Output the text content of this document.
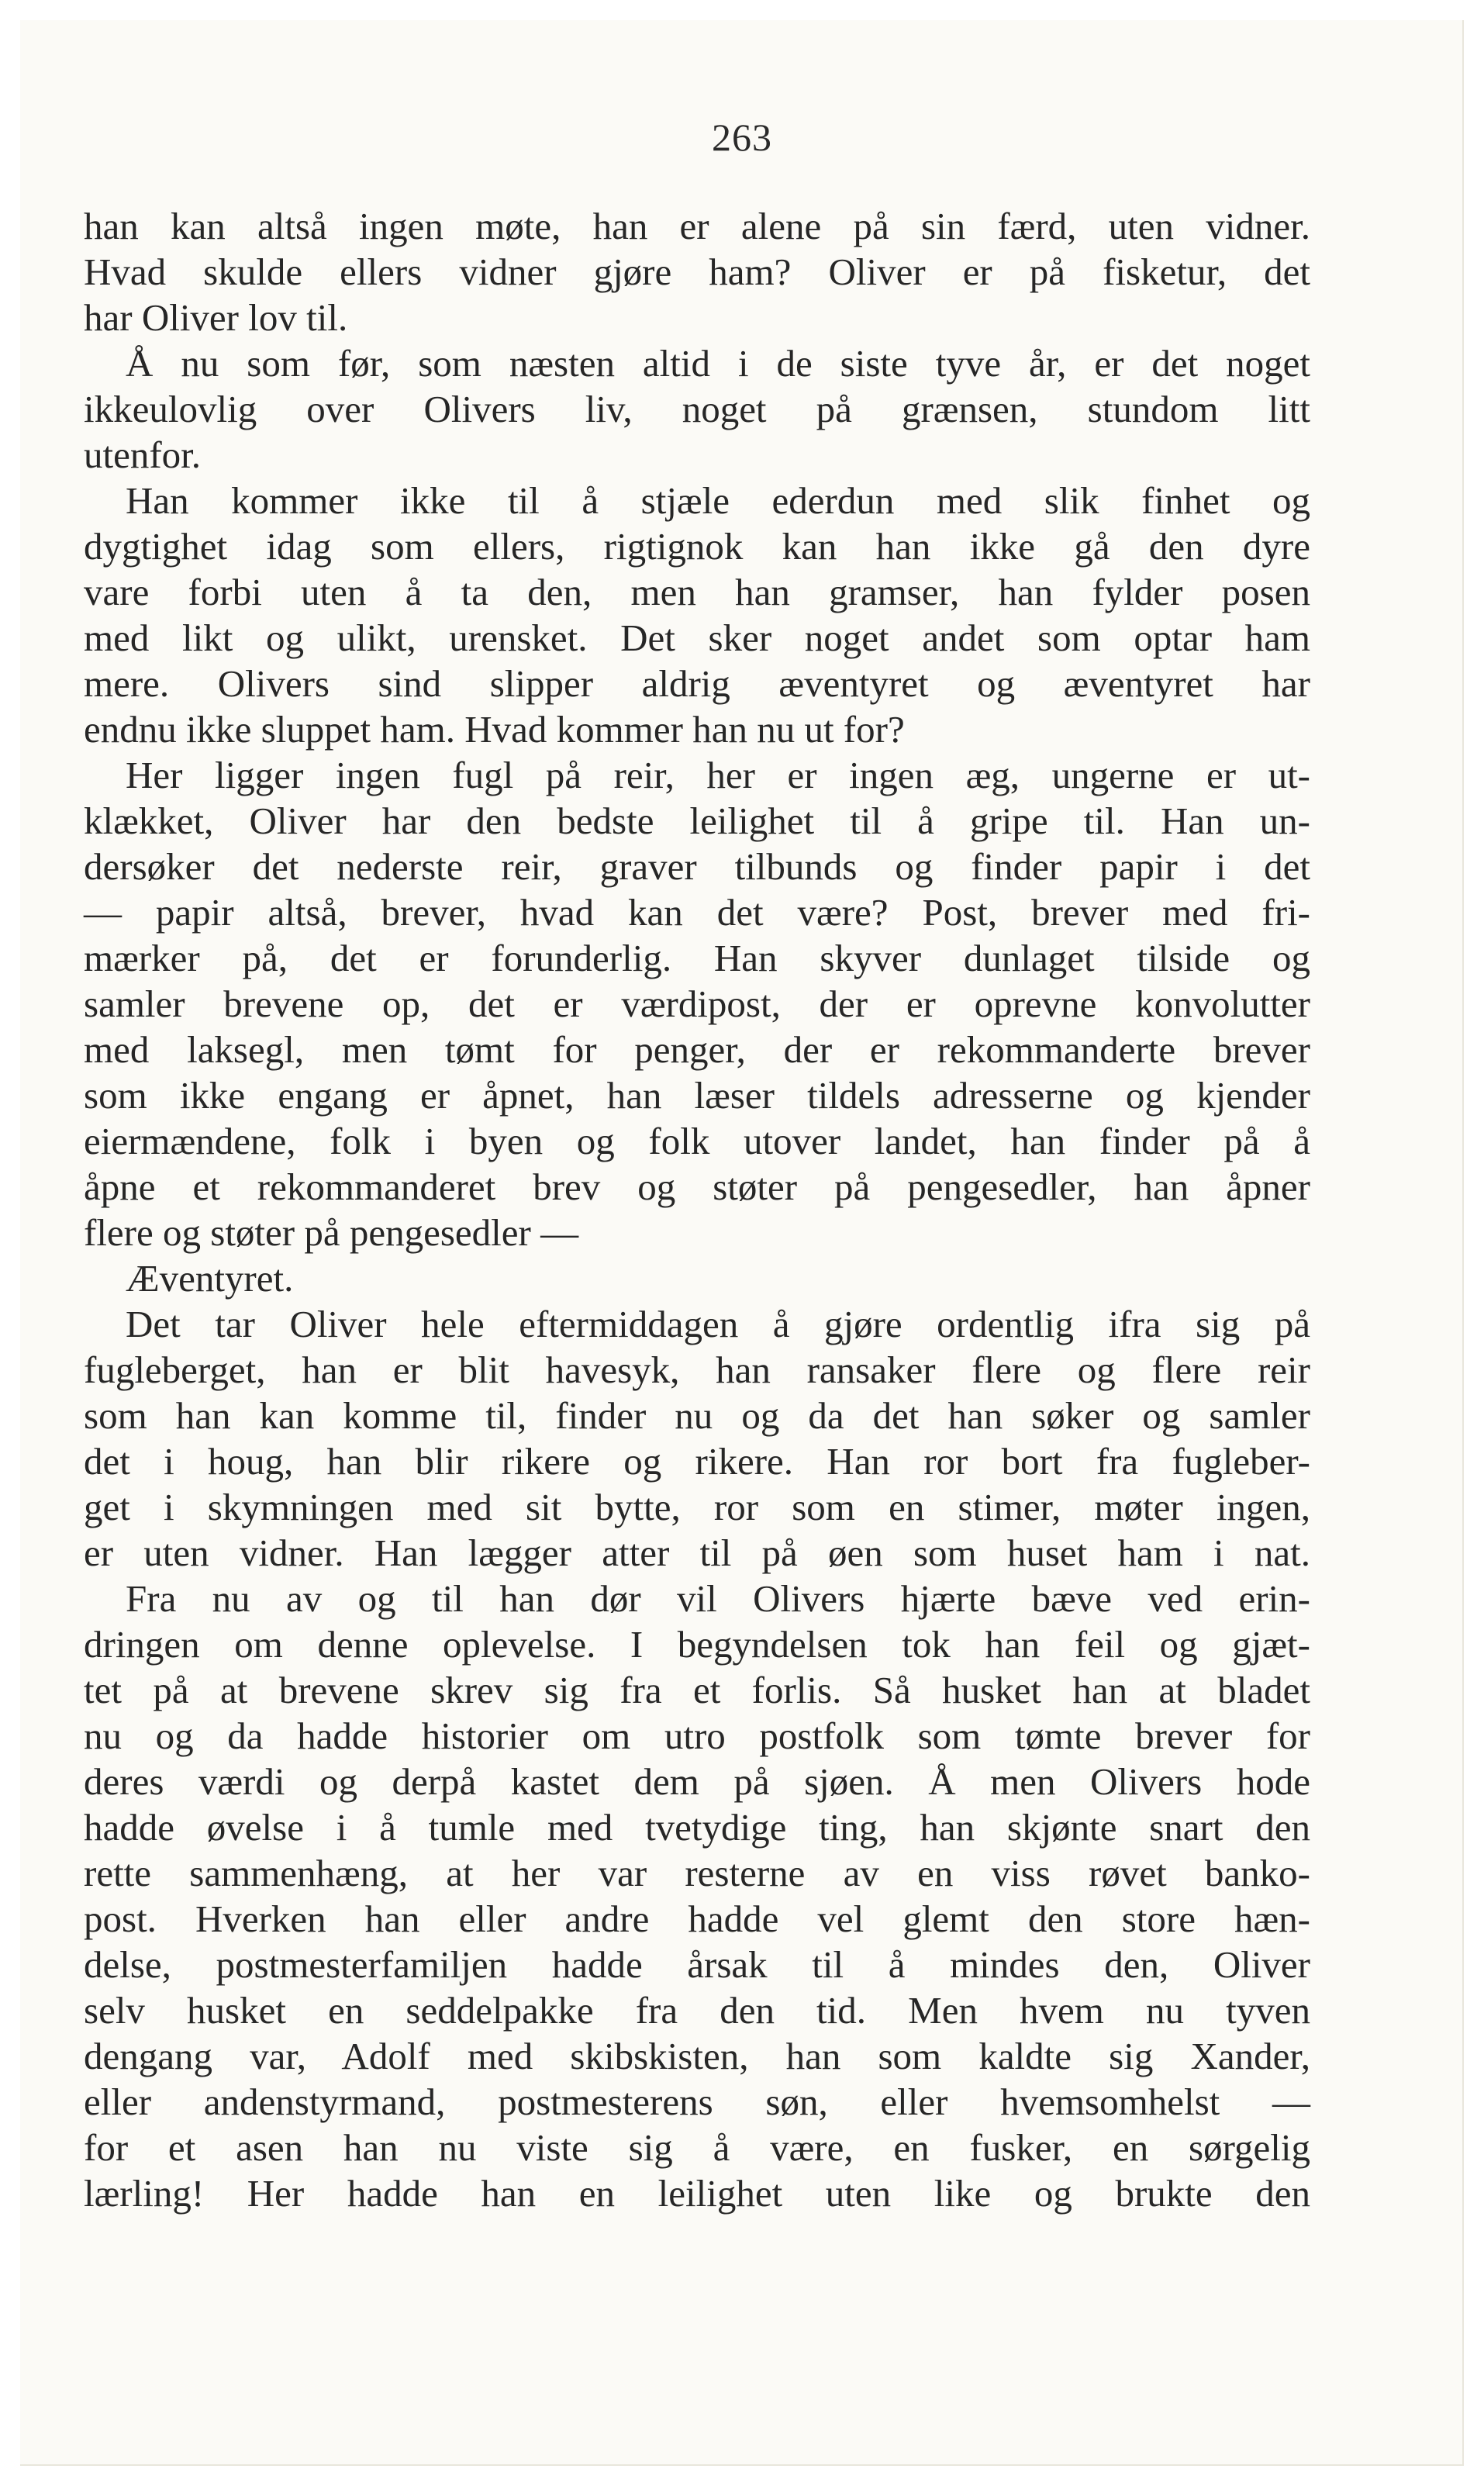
263
han kan altså ingen møte, han er alene på sin færd, uten vidner.
Hvad skulde ellers vidner gjøre ham? Oliver er på fisketur, det
har Oliver lov til.
Å nu som før, som næsten altid i de siste tyve år, er det noget
ikkeulovlig over Olivers liv, noget på grænsen, stundom litt
utenfor.
Han kommer ikke til å stjæle ederdun med slik finhet og
dygtighet idag som ellers, rigtignok kan han ikke gå den dyre
vare forbi uten å ta den, men han gramser, han fylder posen
med likt og ulikt, urensket. Det sker noget andet som optar ham
mere. Olivers sind slipper aldrig æventyret og æventyret har
endnu ikke sluppet ham. Hvad kommer han nu ut for?
Her ligger ingen fugl på reir, her er ingen æg, ungerne er ut-
klækket, Oliver har den bedste leilighet til å gripe til. Han un-
dersøker det nederste reir, graver tilbunds og finder papir i det
— papir altså, brever, hvad kan det være? Post, brever med fri-
mærker på, det er forunderlig. Han skyver dunlaget tilside og
samler brevene op, det er værdipost, der er oprevne konvolutter
med laksegl, men tømt for penger, der er rekommanderte brever
som ikke engang er åpnet, han læser tildels adresserne og kjender
eiermændene, folk i byen og folk utover landet, han finder på å
åpne et rekommanderet brev og støter på pengesedler, han åpner
flere og støter på pengesedler —
Æventyret.
Det tar Oliver hele eftermiddagen å gjøre ordentlig ifra sig på
fugleberget, han er blit havesyk, han ransaker flere og flere reir
som han kan komme til, finder nu og da det han søker og samler
det i houg, han blir rikere og rikere. Han ror bort fra fugleber-
get i skymningen med sit bytte, ror som en stimer, møter ingen,
er uten vidner. Han lægger atter til på øen som huset ham i nat.
Fra nu av og til han dør vil Olivers hjærte bæve ved erin-
dringen om denne oplevelse. I begyndelsen tok han feil og gjæt-
tet på at brevene skrev sig fra et forlis. Så husket han at bladet
nu og da hadde historier om utro postfolk som tømte brever for
deres værdi og derpå kastet dem på sjøen. Å men Olivers hode
hadde øvelse i å tumle med tvetydige ting, han skjønte snart den
rette sammenhæng, at her var resterne av en viss røvet banko-
post. Hverken han eller andre hadde vel glemt den store hæn-
delse, postmesterfamiljen hadde årsak til å mindes den, Oliver
selv husket en seddelpakke fra den tid. Men hvem nu tyven
dengang var, Adolf med skibskisten, han som kaldte sig Xander,
eller andenstyrmand, postmesterens søn, eller hvemsomhelst —
for et asen han nu viste sig å være, en fusker, en sørgelig
lærling! Her hadde han en leilighet uten like og brukte den
